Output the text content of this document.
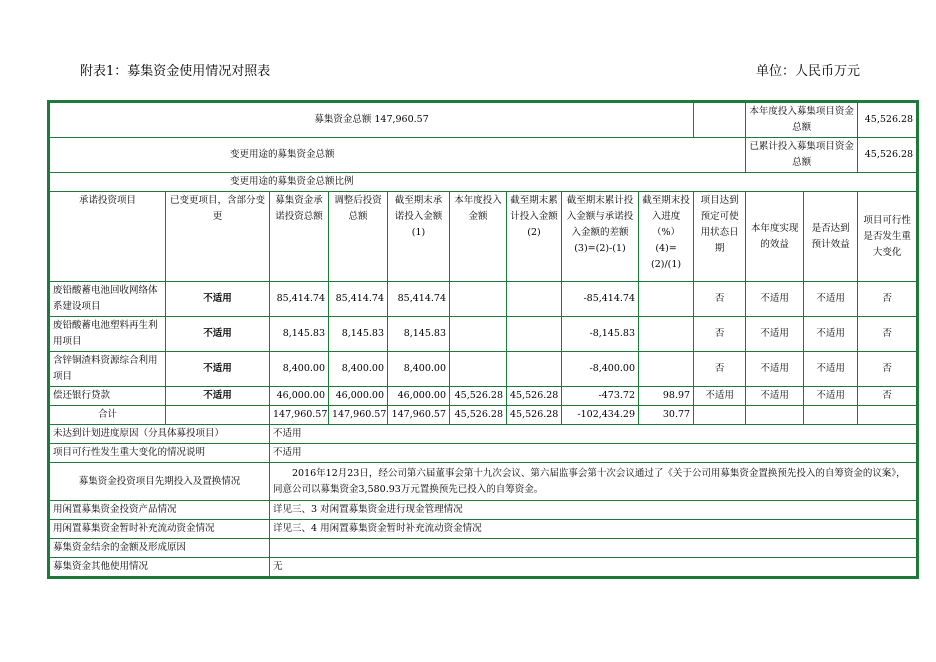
附表1：募集资金使用情况对照表	单位：人民币万元
募集资金总额 147,960.57										本年度投入募集项目资金总额		45,526.28
变更用途的募集资金总额										已累计投入募集项目资金总额		45,526.28
变更用途的募集资金总额比例												
承诺投资项目	已变更项目，含部分变更	募集资金承诺投资总额	调整后投资总额	截至期末承诺投入金额(1)	本年度投入金额	截至期末累计投入金额(2)	截至期末累计投入金额与承诺投入金额的差额(3)=(2)-(1)	截至期末投入进度（%）(4)=(2)/(1)	项目达到预定可使用状态日期	本年度实现的效益	是否达到预计效益	项目可行性是否发生重大变化
废铅酸蓄电池回收网络体系建设项目	不适用	85,414.74	85,414.74	85,414.74			-85,414.74		否	不适用	不适用	否
废铅酸蓄电池塑料再生利用项目	不适用	8,145.83	8,145.83	8,145.83			-8,145.83		否	不适用	不适用	否
含锌铜渣料资源综合利用项目	不适用	8,400.00	8,400.00	8,400.00			-8,400.00		否	不适用	不适用	否
偿还银行贷款	不适用	46,000.00	46,000.00	46,000.00	45,526.28	45,526.28	-473.72	98.97	不适用	不适用	不适用	否
合计		147,960.57	147,960.57	147,960.57	45,526.28	45,526.28	-102,434.29	30.77				
未达到计划进度原因（分具体募投项目）		不适用										
项目可行性发生重大变化的情况说明		不适用										
募集资金投资项目先期投入及置换情况		2016年12月23日，经公司第六届董事会第十九次会议、第六届监事会第十次会议通过了《关于公司用募集资金置换预先投入的自筹资金的议案》，同意公司以募集资金3,580.93万元置换预先已投入的自筹资金。										
用闲置募集资金投资产品情况		详见三、3 对闲置募集资金进行现金管理情况										
用闲置募集资金暂时补充流动资金情况		详见三、4 用闲置募集资金暂时补充流动资金情况										
募集资金结余的金额及形成原因												
募集资金其他使用情况		无										
